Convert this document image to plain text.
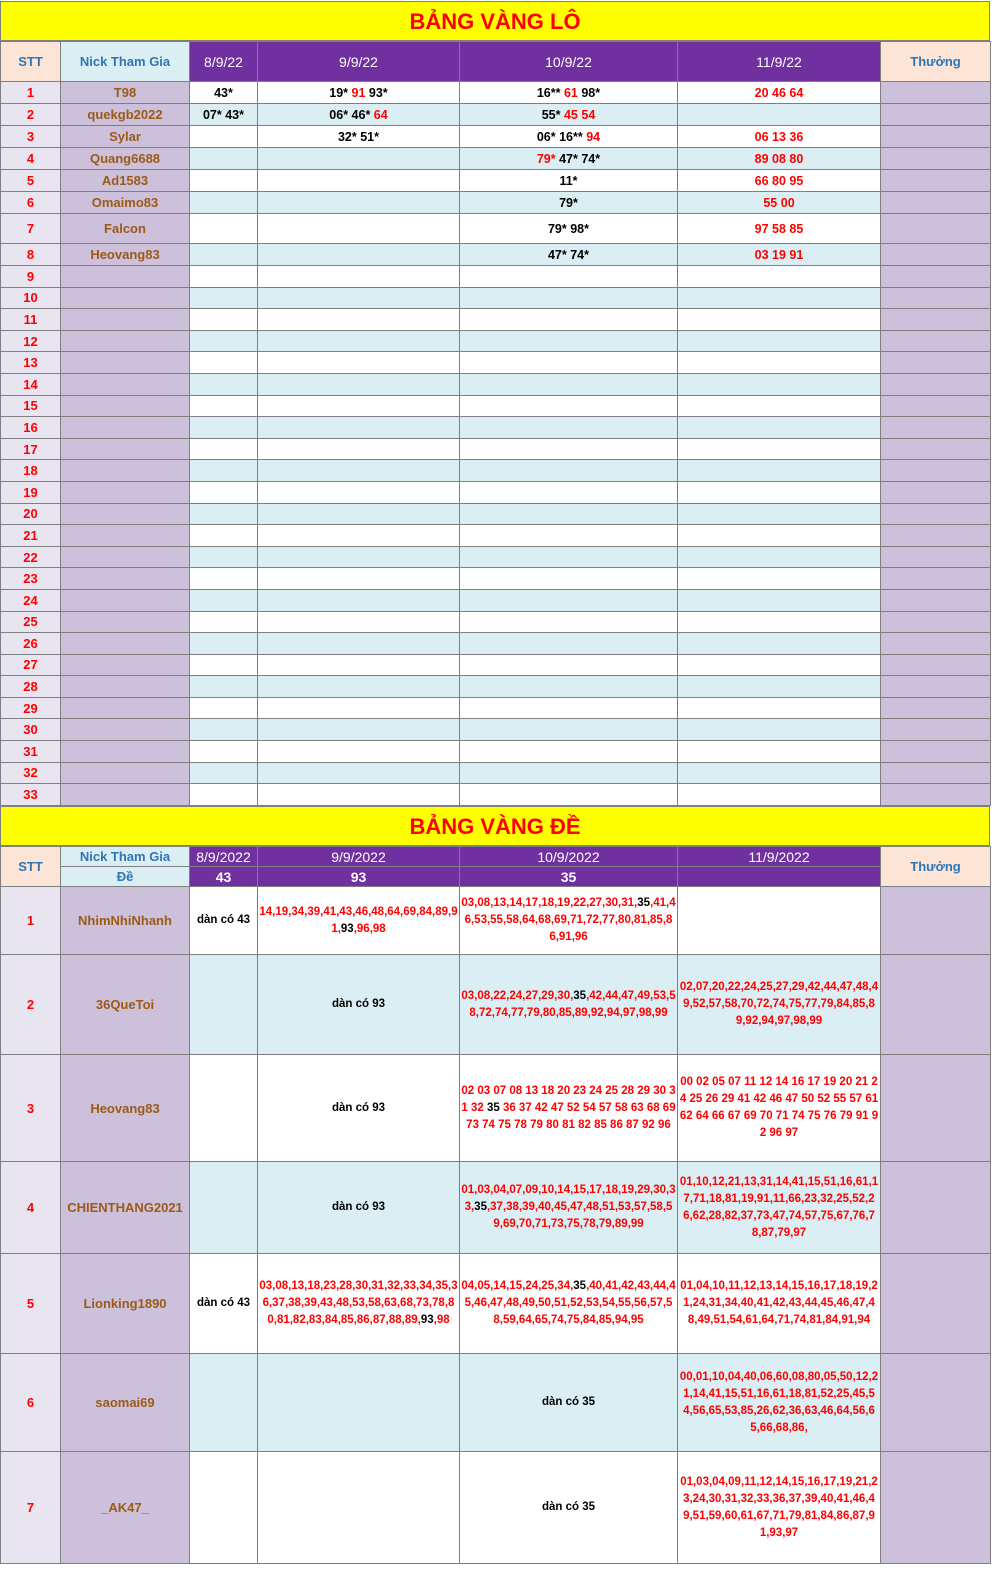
BẢNG VÀNG LÔ
STT	Nick Tham Gia	8/9/22	9/9/22	10/9/22	11/9/22	Thưởng
1	T98	43*	19* 91 93*	16** 61 98*	20 46 64	
2	quekgb2022	07* 43*	06* 46* 64	55* 45 54		
3	Sylar		32* 51*	06* 16** 94	06 13 36	
4	Quang6688			79* 47* 74*	89 08 80	
5	Ad1583			11*	66 80 95	
6	Omaimo83			79*	55 00	
7	Falcon			79* 98*	97 58 85	
8	Heovang83			47* 74*	03 19 91	
9						
10						
11						
12						
13						
14						
15						
16						
17						
18						
19						
20						
21						
22						
23						
24						
25						
26						
27						
28						
29						
30						
31						
32						
33						
BẢNG VÀNG ĐỀ
STT	Nick Tham Gia	8/9/2022	9/9/2022	10/9/2022	11/9/2022	Thưởng
	Đề	43	93	35		
1	NhimNhiNhanh	dàn có 43	14,19,34,39,41,43,46,48,64,69,84,89,91,93,96,98	03,08,13,14,17,18,19,22,27,30,31,35,41,46,53,55,58,64,68,69,71,72,77,80,81,85,86,91,96		
2	36QueToi		dàn có 93	03,08,22,24,27,29,30,35,42,44,47,49,53,58,72,74,77,79,80,85,89,92,94,97,98,99	02,07,20,22,24,25,27,29,42,44,47,48,49,52,57,58,70,72,74,75,77,79,84,85,89,92,94,97,98,99	
3	Heovang83		dàn có 93	02 03 07 08 13 18 20 23 24 25 28 29 30 31 32 35 36 37 42 47 52 54 57 58 63 68 69 73 74 75 78 79 80 81 82 85 86 87 92 96	00 02 05 07 11 12 14 16 17 19 20 21 24 25 26 29 41 42 46 47 50 52 55 57 61 62 64 66 67 69 70 71 74 75 76 79 91 92 96 97	
4	CHIENTHANG2021		dàn có 93	01,03,04,07,09,10,14,15,17,18,19,29,30,33,35,37,38,39,40,45,47,48,51,53,57,58,59,69,70,71,73,75,78,79,89,99	01,10,12,21,13,31,14,41,15,51,16,61,17,71,18,81,19,91,11,66,23,32,25,52,26,62,28,82,37,73,47,74,57,75,67,76,78,87,79,97	
5	Lionking1890	dàn có 43	03,08,13,18,23,28,30,31,32,33,34,35,36,37,38,39,43,48,53,58,63,68,73,78,80,81,82,83,84,85,86,87,88,89,93,98	04,05,14,15,24,25,34,35,40,41,42,43,44,45,46,47,48,49,50,51,52,53,54,55,56,57,58,59,64,65,74,75,84,85,94,95	01,04,10,11,12,13,14,15,16,17,18,19,21,24,31,34,40,41,42,43,44,45,46,47,48,49,51,54,61,64,71,74,81,84,91,94	
6	saomai69			dàn có 35	00,01,10,04,40,06,60,08,80,05,50,12,21,14,41,15,51,16,61,18,81,52,25,45,54,56,65,53,85,26,62,36,63,46,64,56,65,66,68,86,	
7	_AK47_			dàn có 35	01,03,04,09,11,12,14,15,16,17,19,21,23,24,30,31,32,33,36,37,39,40,41,46,49,51,59,60,61,67,71,79,81,84,86,87,91,93,97	
